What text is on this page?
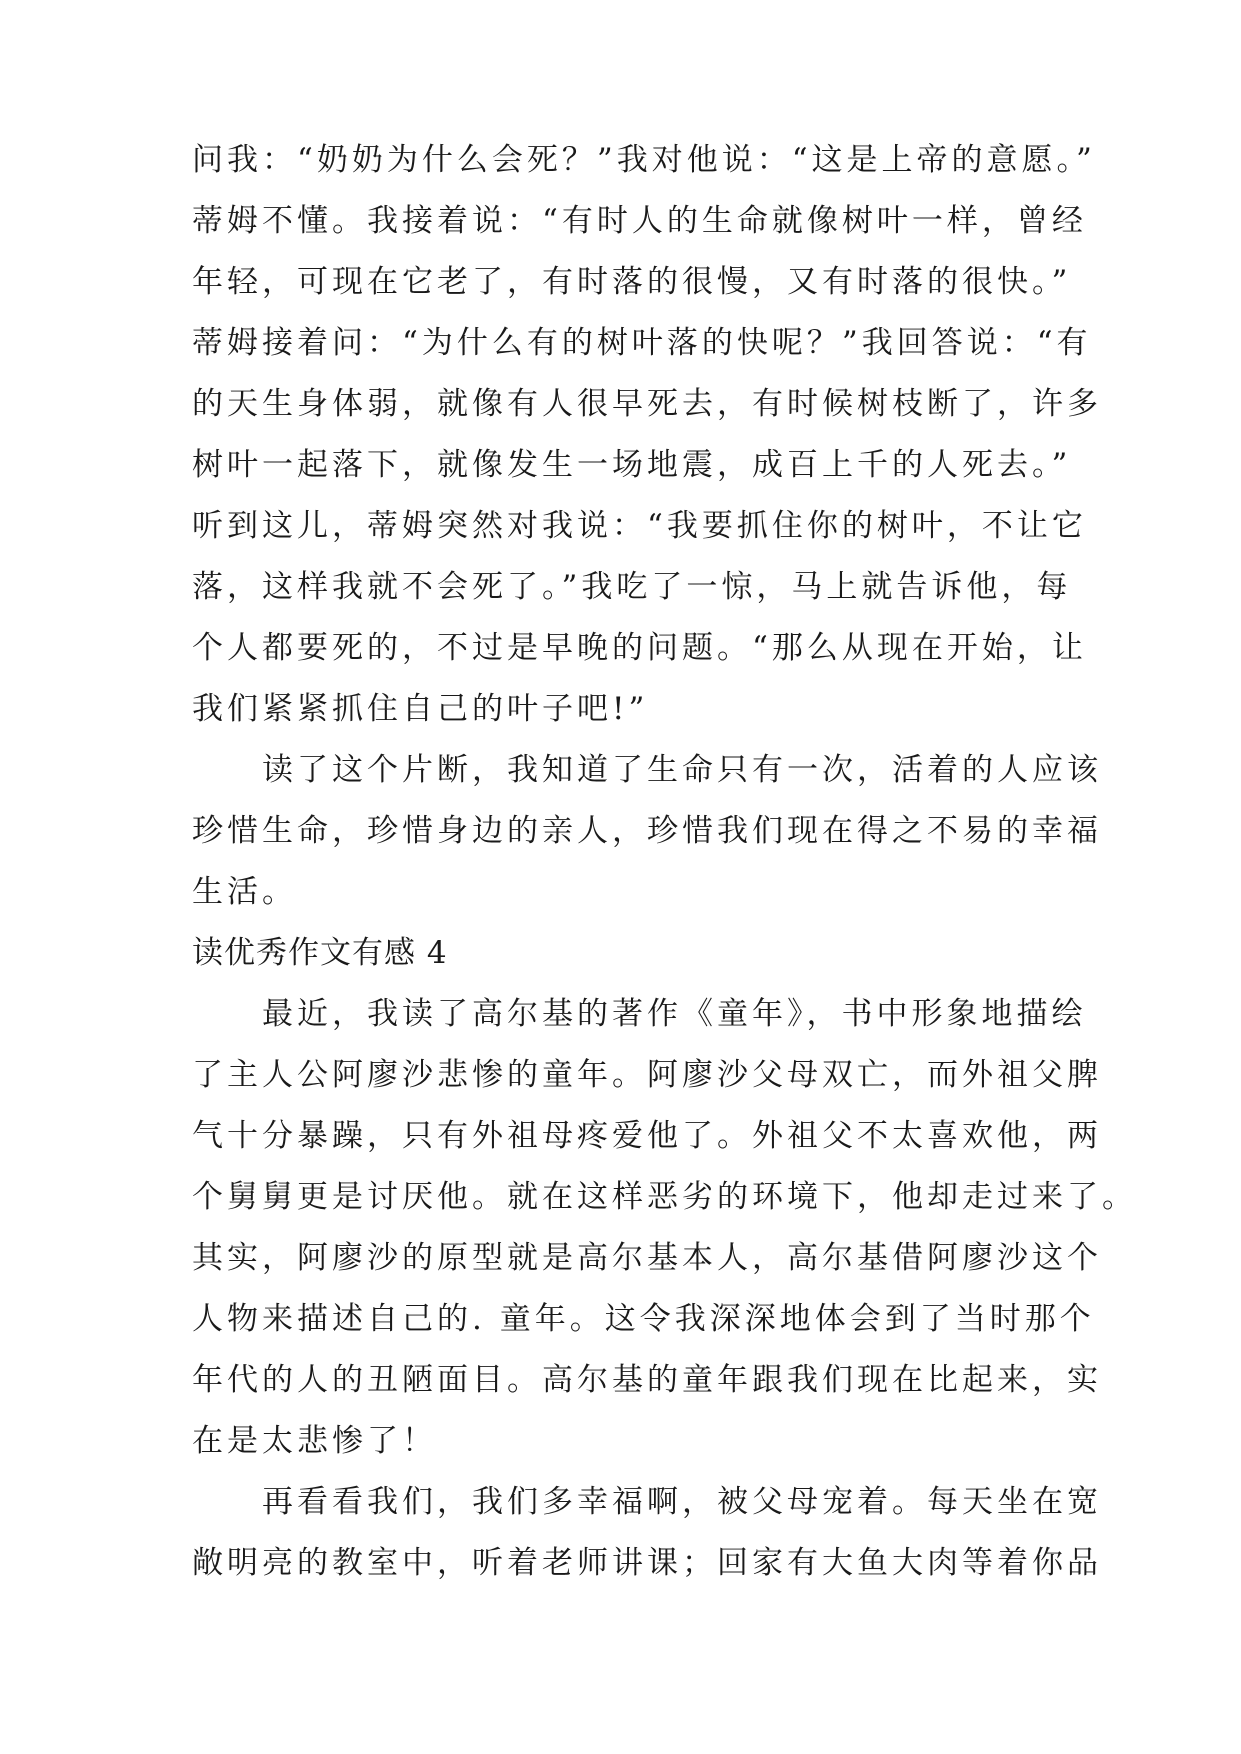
问我：“奶奶为什么会死？”我对他说：“这是上帝的意愿。”
蒂姆不懂。我接着说：“有时人的生命就像树叶一样，曾经
年轻，可现在它老了，有时落的很慢，又有时落的很快。”
蒂姆接着问：“为什么有的树叶落的快呢？”我回答说：“有
的天生身体弱，就像有人很早死去，有时候树枝断了，许多
树叶一起落下，就像发生一场地震，成百上千的人死去。”
听到这儿，蒂姆突然对我说：“我要抓住你的树叶，不让它
落，这样我就不会死了。”我吃了一惊，马上就告诉他，每
个人都要死的，不过是早晚的问题。“那么从现在开始，让
我们紧紧抓住自己的叶子吧!”
　　读了这个片断，我知道了生命只有一次，活着的人应该
珍惜生命，珍惜身边的亲人，珍惜我们现在得之不易的幸福
生活。
读优秀作文有感 4
　　最近，我读了高尔基的著作《童年》，书中形象地描绘
了主人公阿廖沙悲惨的童年。阿廖沙父母双亡，而外祖父脾
气十分暴躁，只有外祖母疼爱他了。外祖父不太喜欢他，两
个舅舅更是讨厌他。就在这样恶劣的环境下，他却走过来了。
其实，阿廖沙的原型就是高尔基本人，高尔基借阿廖沙这个
人物来描述自己的. 童年。这令我深深地体会到了当时那个
年代的人的丑陋面目。高尔基的童年跟我们现在比起来，实
在是太悲惨了！
　　再看看我们，我们多幸福啊，被父母宠着。每天坐在宽
敞明亮的教室中，听着老师讲课；回家有大鱼大肉等着你品
